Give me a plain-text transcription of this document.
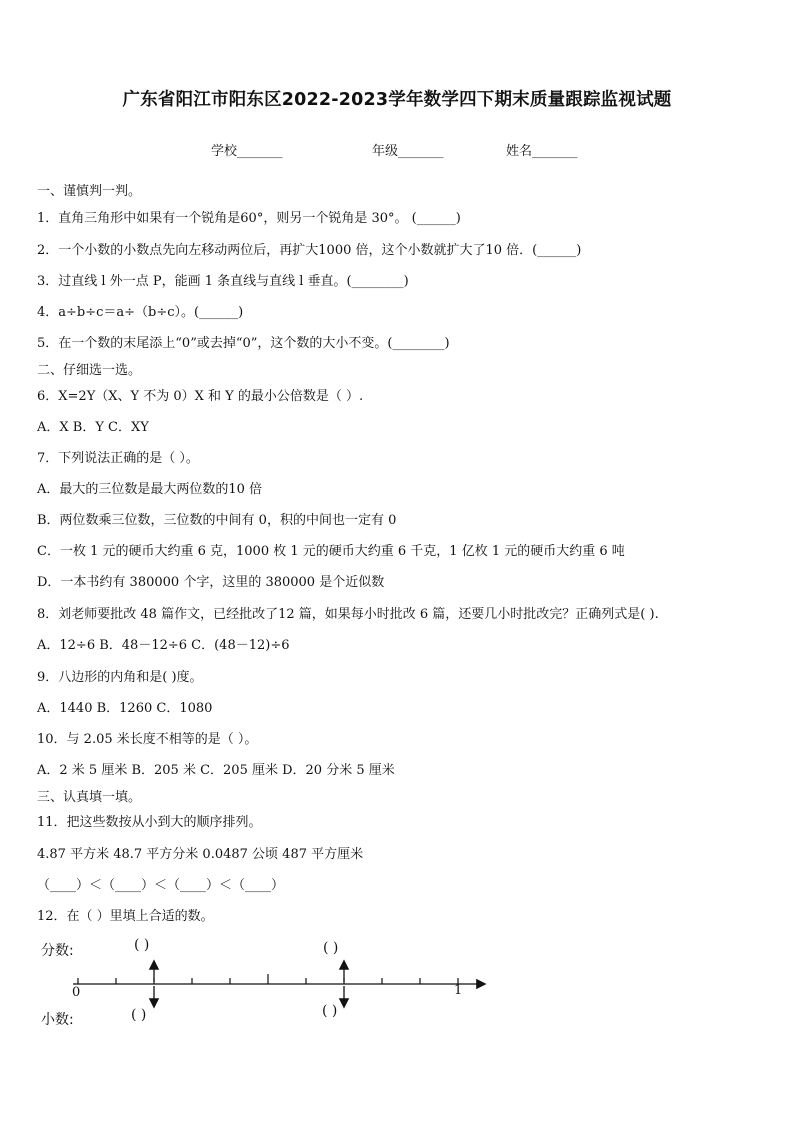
广东省阳江市阳东区2022-2023学年数学四下期末质量跟踪监视试题
学校_______	年级_______	姓名_______
一、谨慎判一判。
1．直角三角形中如果有一个锐角是60°，则另一个锐角是 30°。 (______)
2．一个小数的小数点先向左移动两位后，再扩大1000 倍，这个小数就扩大了10 倍．(______)
3．过直线 l 外一点 P，能画 1 条直线与直线 l 垂直。(________)
4．a÷b÷c＝a÷（b÷c）。(______)
5．在一个数的末尾添上“0”或去掉“0”，这个数的大小不变。(________)
二、仔细选一选。
6．X=2Y（X、Y 不为 0）X 和 Y 的最小公倍数是（ ）.
A．X B．Y C．XY
7．下列说法正确的是（ ）。
A．最大的三位数是最大两位数的10 倍
B．两位数乘三位数，三位数的中间有 0，积的中间也一定有 0
C．一枚 1 元的硬币大约重 6 克，1000 枚 1 元的硬币大约重 6 千克，1 亿枚 1 元的硬币大约重 6 吨
D．一本书约有 380000 个字，这里的 380000 是个近似数
8．刘老师要批改 48 篇作文，已经批改了12 篇，如果每小时批改 6 篇，还要几小时批改完？正确列式是( ).
A．12÷6 B．48－12÷6 C．(48－12)÷6
9．八边形的内角和是( )度。
A．1440 B．1260 C．1080
10．与 2.05 米长度不相等的是（ ）。
A．2 米 5 厘米 B．205 米 C．205 厘米 D．20 分米 5 厘米
三、认真填一填。
11．把这些数按从小到大的顺序排列。
4.87 平方米 48.7 平方分米 0.0487 公顷 487 平方厘米
（____）＜（____）＜（____）＜（____）
12．在（ ）里填上合适的数。
分数:
小数:
( )	( )
( )	( )
0	1
